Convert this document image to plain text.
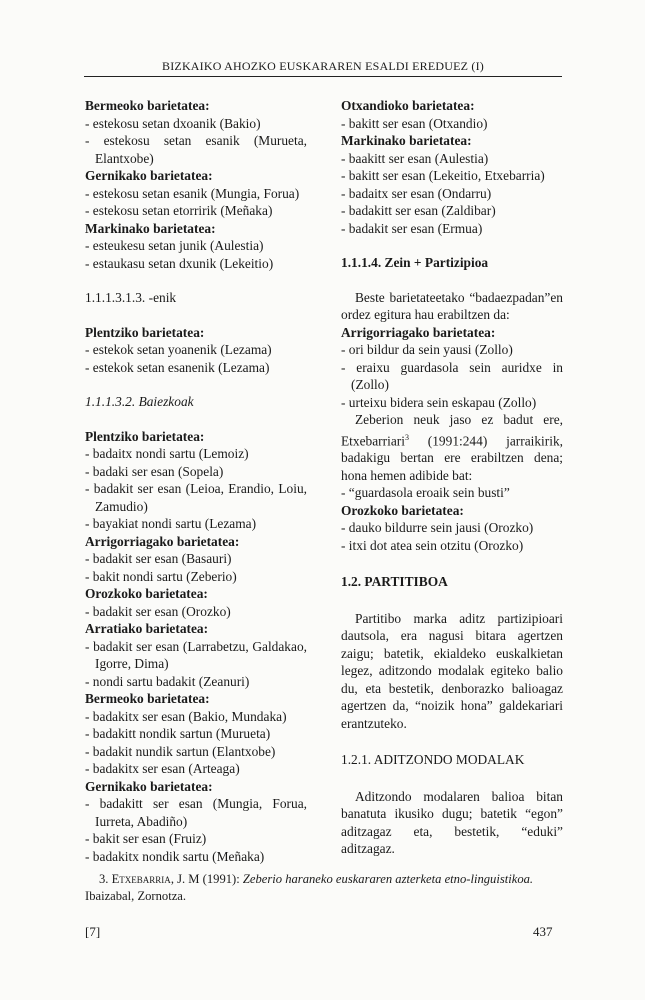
BIZKAIKO AHOZKO EUSKARAREN ESALDI EREDUEZ (I)
Bermeoko barietatea:
- estekosu setan dxoanik (Bakio)
- estekosu setan esanik (Murueta, Elantxobe)
Gernikako barietatea:
- estekosu setan esanik (Mungia, Forua)
- estekosu setan etorririk (Meñaka)
Markinako barietatea:
- esteukesu setan junik (Aulestia)
- estaukasu setan dxunik (Lekeitio)
1.1.1.3.1.3. -enik
Plentziko barietatea:
- estekok setan yoanenik (Lezama)
- estekok setan esanenik (Lezama)
1.1.1.3.2. Baiezkoak
Plentziko barietatea:
- badaitx nondi sartu (Lemoiz)
- badaki ser esan (Sopela)
- badakit ser esan (Leioa, Erandio, Loiu, Zamudio)
- bayakiat nondi sartu (Lezama)
Arrigorriagako barietatea:
- badakit ser esan (Basauri)
- bakit nondi sartu (Zeberio)
Orozkoko barietatea:
- badakit ser esan (Orozko)
Arratiako barietatea:
- badakit ser esan (Larrabetzu, Galdakao, Igorre, Dima)
- nondi sartu badakit (Zeanuri)
Bermeoko barietatea:
- badakitx ser esan (Bakio, Mundaka)
- badakitt nondik sartun (Murueta)
- badakit nundik sartun (Elantxobe)
- badakitx ser esan (Arteaga)
Gernikako barietatea:
- badakitt ser esan (Mungia, Forua, Iurreta, Abadiño)
- bakit ser esan (Fruiz)
- badakitx nondik sartu (Meñaka)
Otxandioko barietatea:
- bakitt ser esan (Otxandio)
Markinako barietatea:
- baakitt ser esan (Aulestia)
- bakitt ser esan (Lekeitio, Etxebarria)
- badaitx ser esan (Ondarru)
- badakitt ser esan (Zaldibar)
- badakit ser esan (Ermua)
1.1.1.4. Zein + Partizipioa
Beste barietateetako “badaezpadan”en ordez egitura hau erabiltzen da:
Arrigorriagako barietatea:
- ori bildur da sein yausi (Zollo)
- eraixu guardasola sein auridxe in (Zollo)
- urteixu bidera sein eskapau (Zollo)
Zeberion neuk jaso ez badut ere, Etxebarriari$^3$ (1991:244) jarraikirik, badakigu bertan ere erabiltzen dena; hona hemen adibide bat:
- “guardasola eroaik sein busti”
Orozkoko barietatea:
- dauko bildurre sein jausi (Orozko)
- itxi dot atea sein otzitu (Orozko)
1.2. PARTITIBOA
Partitibo marka aditz partizipioari dautsola, era nagusi bitara agertzen zaigu; batetik, ekialdeko euskalkietan legez, aditzondo modalak egiteko balio du, eta bestetik, denborazko balioagaz agertzen da, “noizik hona” galdekariari erantzuteko.
1.2.1. ADITZONDO MODALAK
Aditzondo modalaren balioa bitan banatuta ikusiko dugu; batetik “egon” aditzagaz eta, bestetik, “eduki” aditzagaz.
3. Etxebarria, J. M (1991): Zeberio haraneko euskararen azterketa etno-linguistikoa. Ibaizabal, Zornotza.
[7]	437
